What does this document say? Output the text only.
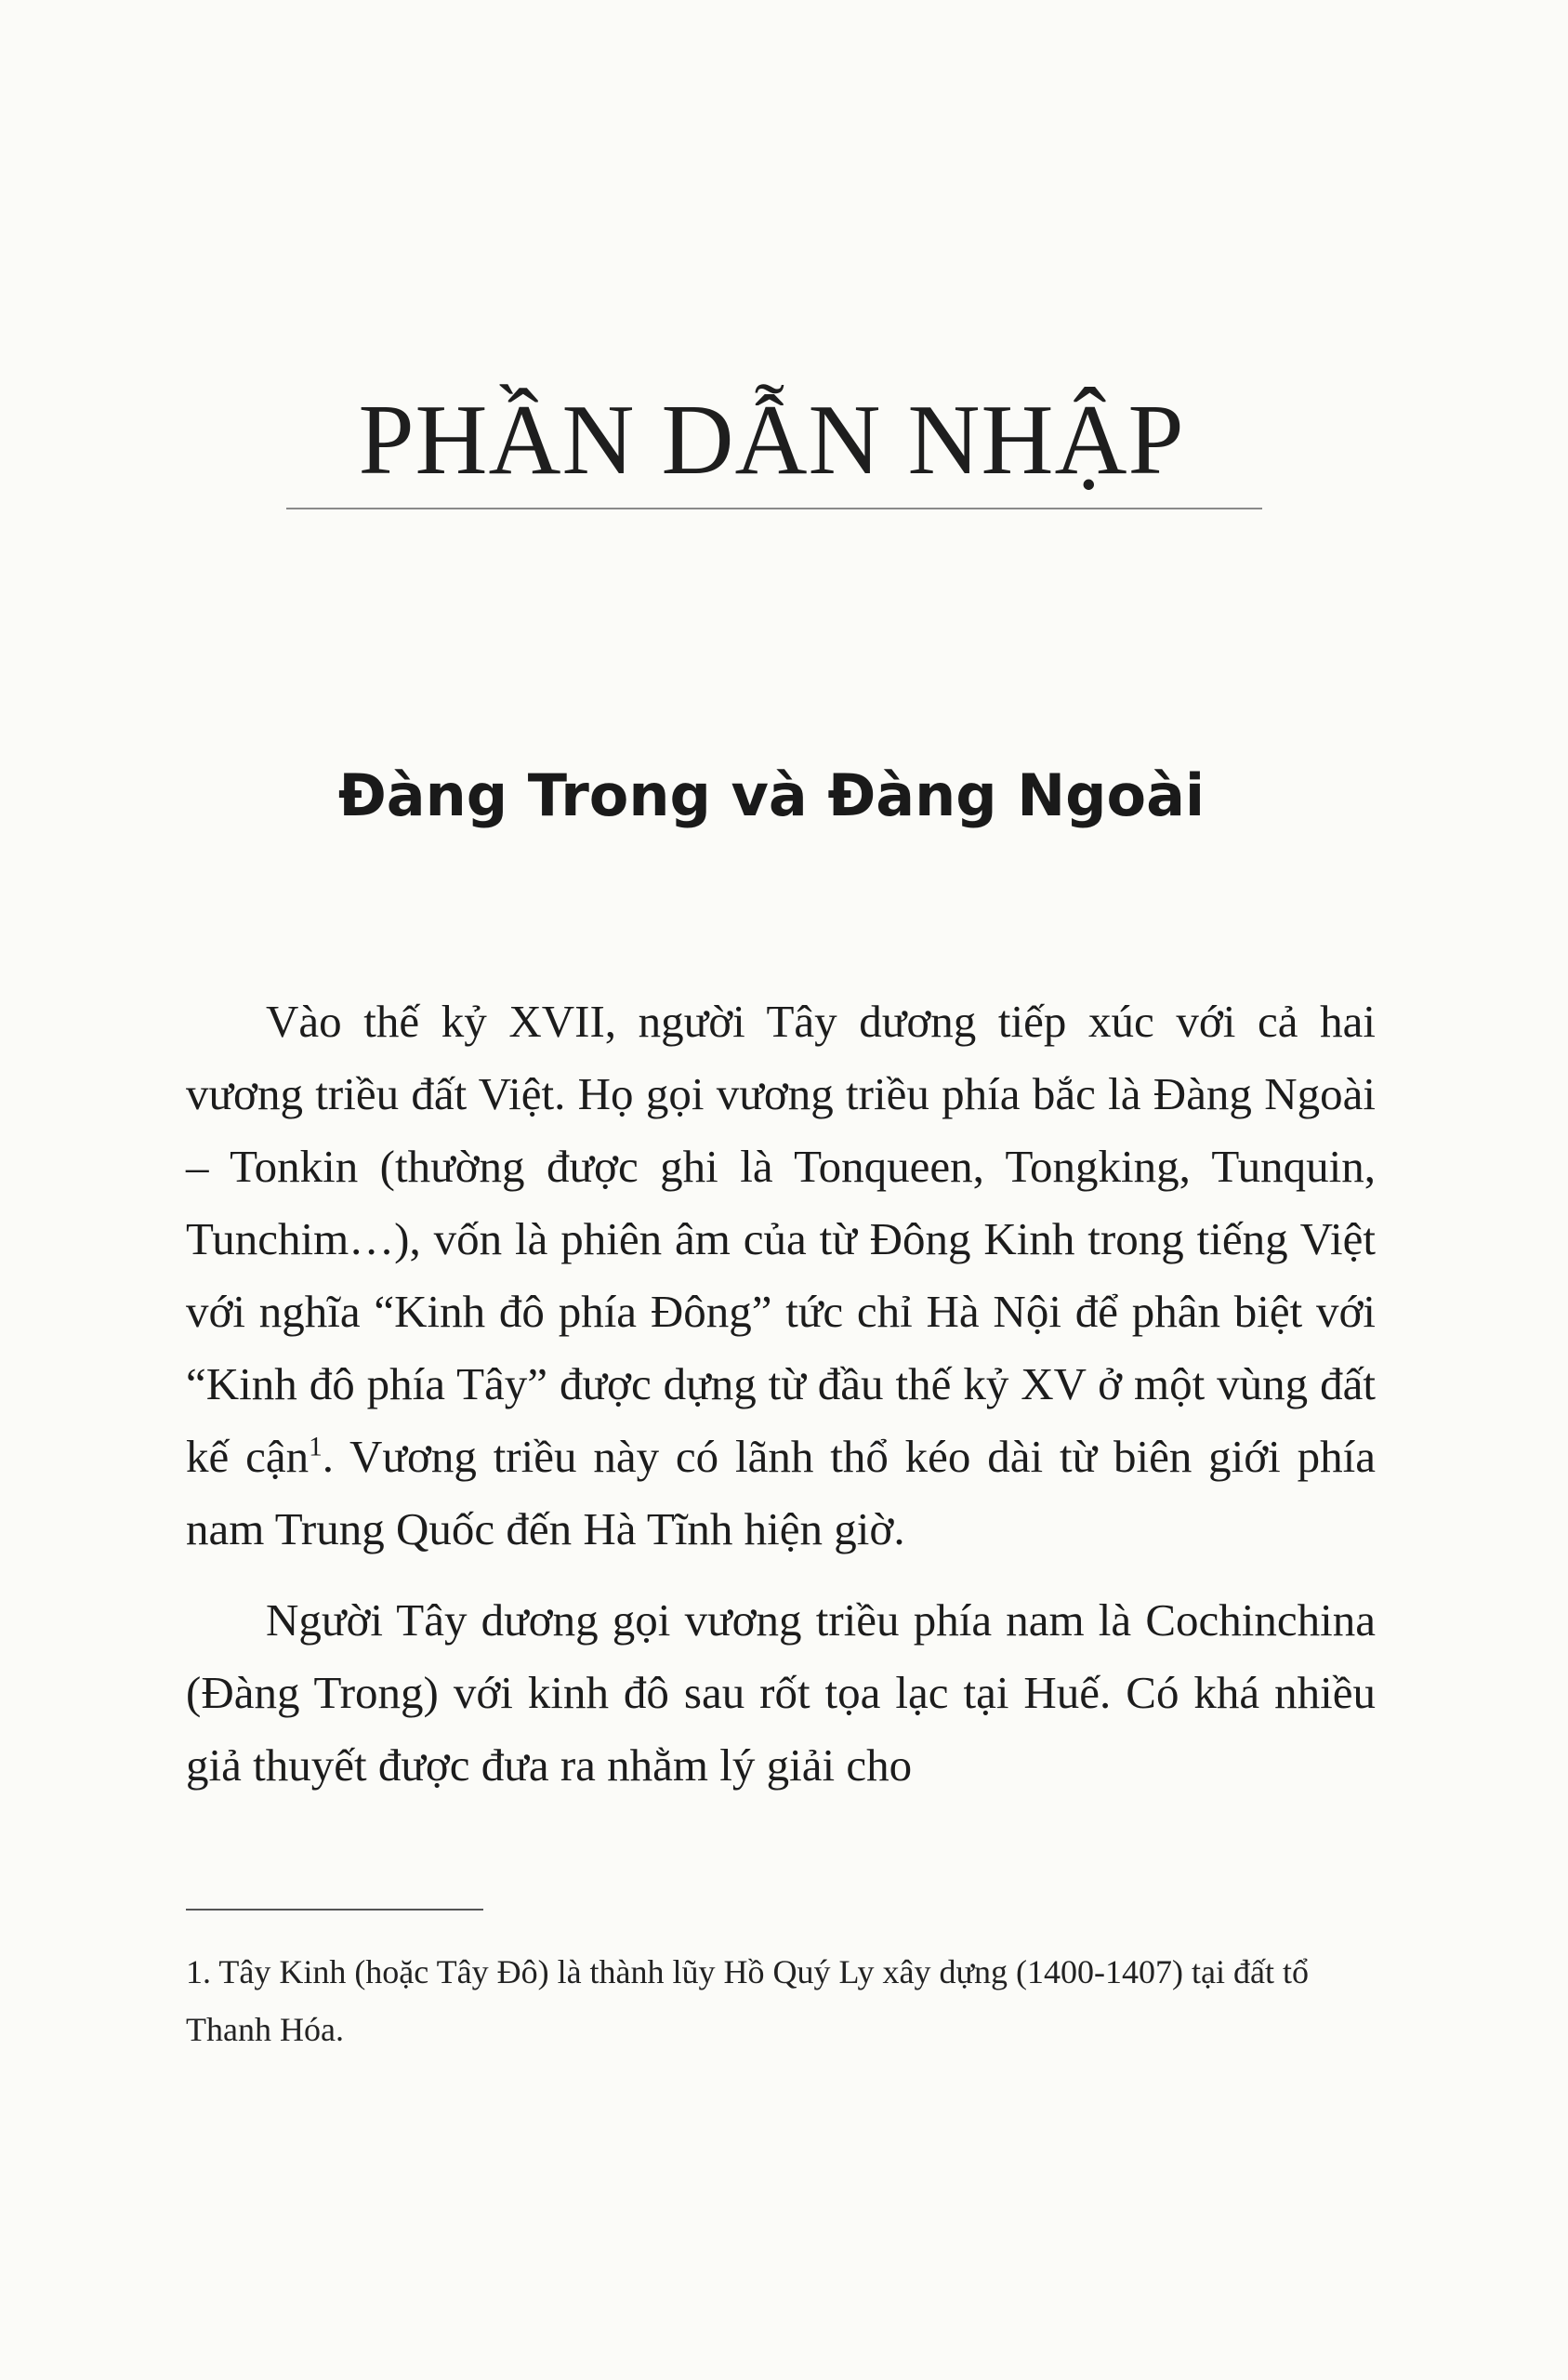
PHẦN DẪN NHẬP
Đàng Trong và Đàng Ngoài

Vào thế kỷ XVII, người Tây dương tiếp xúc với cả hai vương triều đất Việt. Họ gọi vương triều phía bắc là Đàng Ngoài – Tonkin (thường được ghi là Tonqueen, Tongking, Tunquin, Tunchim…), vốn là phiên âm của từ Đông Kinh trong tiếng Việt với nghĩa “Kinh đô phía Đông” tức chỉ Hà Nội để phân biệt với “Kinh đô phía Tây” được dựng từ đầu thế kỷ XV ở một vùng đất kế cận$^1$. Vương triều này có lãnh thổ kéo dài từ biên giới phía nam Trung Quốc đến Hà Tĩnh hiện giờ.

Người Tây dương gọi vương triều phía nam là Cochinchina (Đàng Trong) với kinh đô sau rốt tọa lạc tại Huế. Có khá nhiều giả thuyết được đưa ra nhằm lý giải cho

1. Tây Kinh (hoặc Tây Đô) là thành lũy Hồ Quý Ly xây dựng (1400-1407) tại đất tổ Thanh Hóa.
